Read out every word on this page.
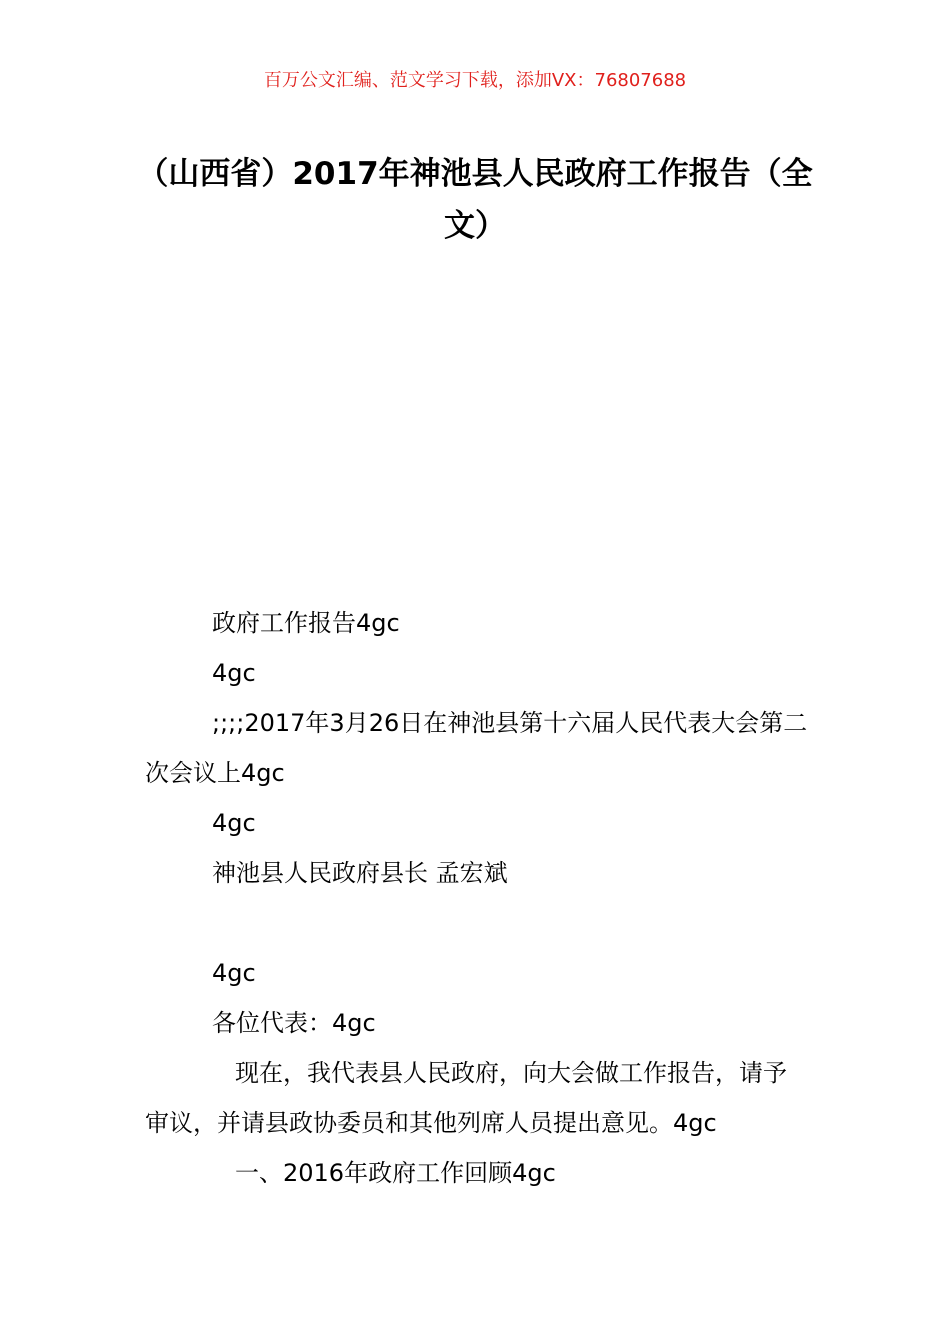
百万公文汇编、范文学习下载，添加VX：76807688
（山西省）2017年神池县人民政府工作报告（全文）

政府工作报告4gc

4gc

;;;;2017年3月26日在神池县第十六届人民代表大会第二次会议上4gc

4gc

神池县人民政府县长 孟宏斌

4gc

各位代表：4gc

现在，我代表县人民政府，向大会做工作报告，请予审议，并请县政协委员和其他列席人员提出意见。4gc

一、2016年政府工作回顾4gc
